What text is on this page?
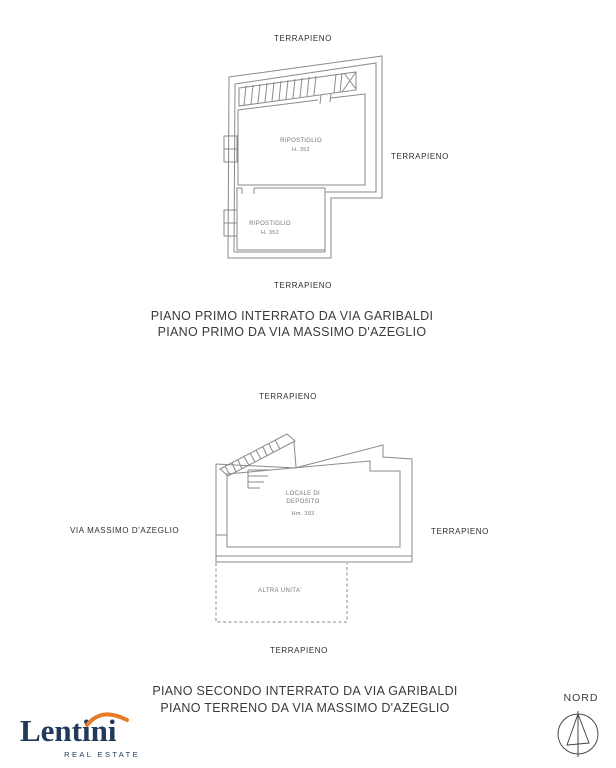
TERRAPIENO
TERRAPIENO
TERRAPIENO
RIPOSTIGLIO
H. 352
RIPOSTIGLIO
H. 352
PIANO PRIMO INTERRATO DA VIA GARIBALDI
PIANO PRIMO DA VIA MASSIMO D'AZEGLIO
TERRAPIENO
VIA MASSIMO D'AZEGLIO	TERRAPIENO
TERRAPIENO
LOCALE DI
DEPOSITO
Hm. 393
ALTRA UNITA'
PIANO SECONDO INTERRATO DA VIA GARIBALDI
PIANO TERRENO DA VIA MASSIMO D'AZEGLIO
Lentini
REAL ESTATE
NORD
